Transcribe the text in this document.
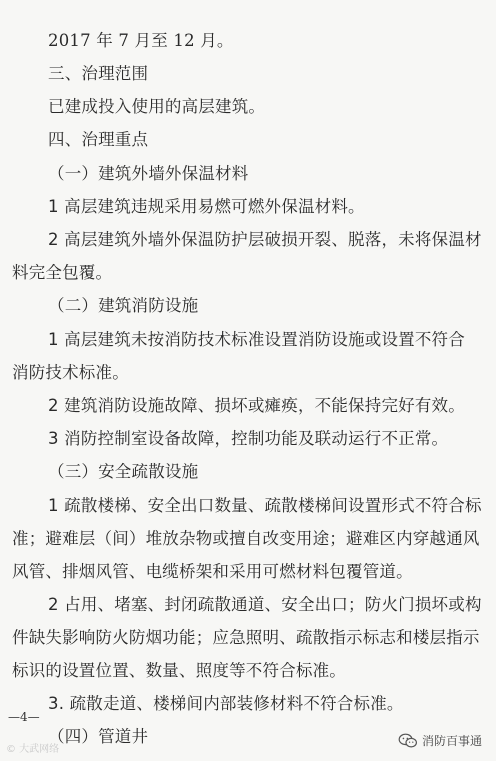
2017 年 7 月至 12 月。
三、治理范围
已建成投入使用的高层建筑。
四、治理重点
（一）建筑外墙外保温材料
1 高层建筑违规采用易燃可燃外保温材料。
2 高层建筑外墙外保温防护层破损开裂、脱落，未将保温材
料完全包覆。
（二）建筑消防设施
1 高层建筑未按消防技术标准设置消防设施或设置不符合
消防技术标准。
2 建筑消防设施故障、损坏或瘫痪，不能保持完好有效。
3 消防控制室设备故障，控制功能及联动运行不正常。
（三）安全疏散设施
1 疏散楼梯、安全出口数量、疏散楼梯间设置形式不符合标
准；避难层（间）堆放杂物或擅自改变用途；避难区内穿越通风
风管、排烟风管、电缆桥架和采用可燃材料包覆管道。
2 占用、堵塞、封闭疏散通道、安全出口；防火门损坏或构
件缺失影响防火防烟功能；应急照明、疏散指示标志和楼层指示
标识的设置位置、数量、照度等不符合标准。
3. 疏散走道、楼梯间内部装修材料不符合标准。
（四）管道井
—4—
© 大武网络
消防百事通
